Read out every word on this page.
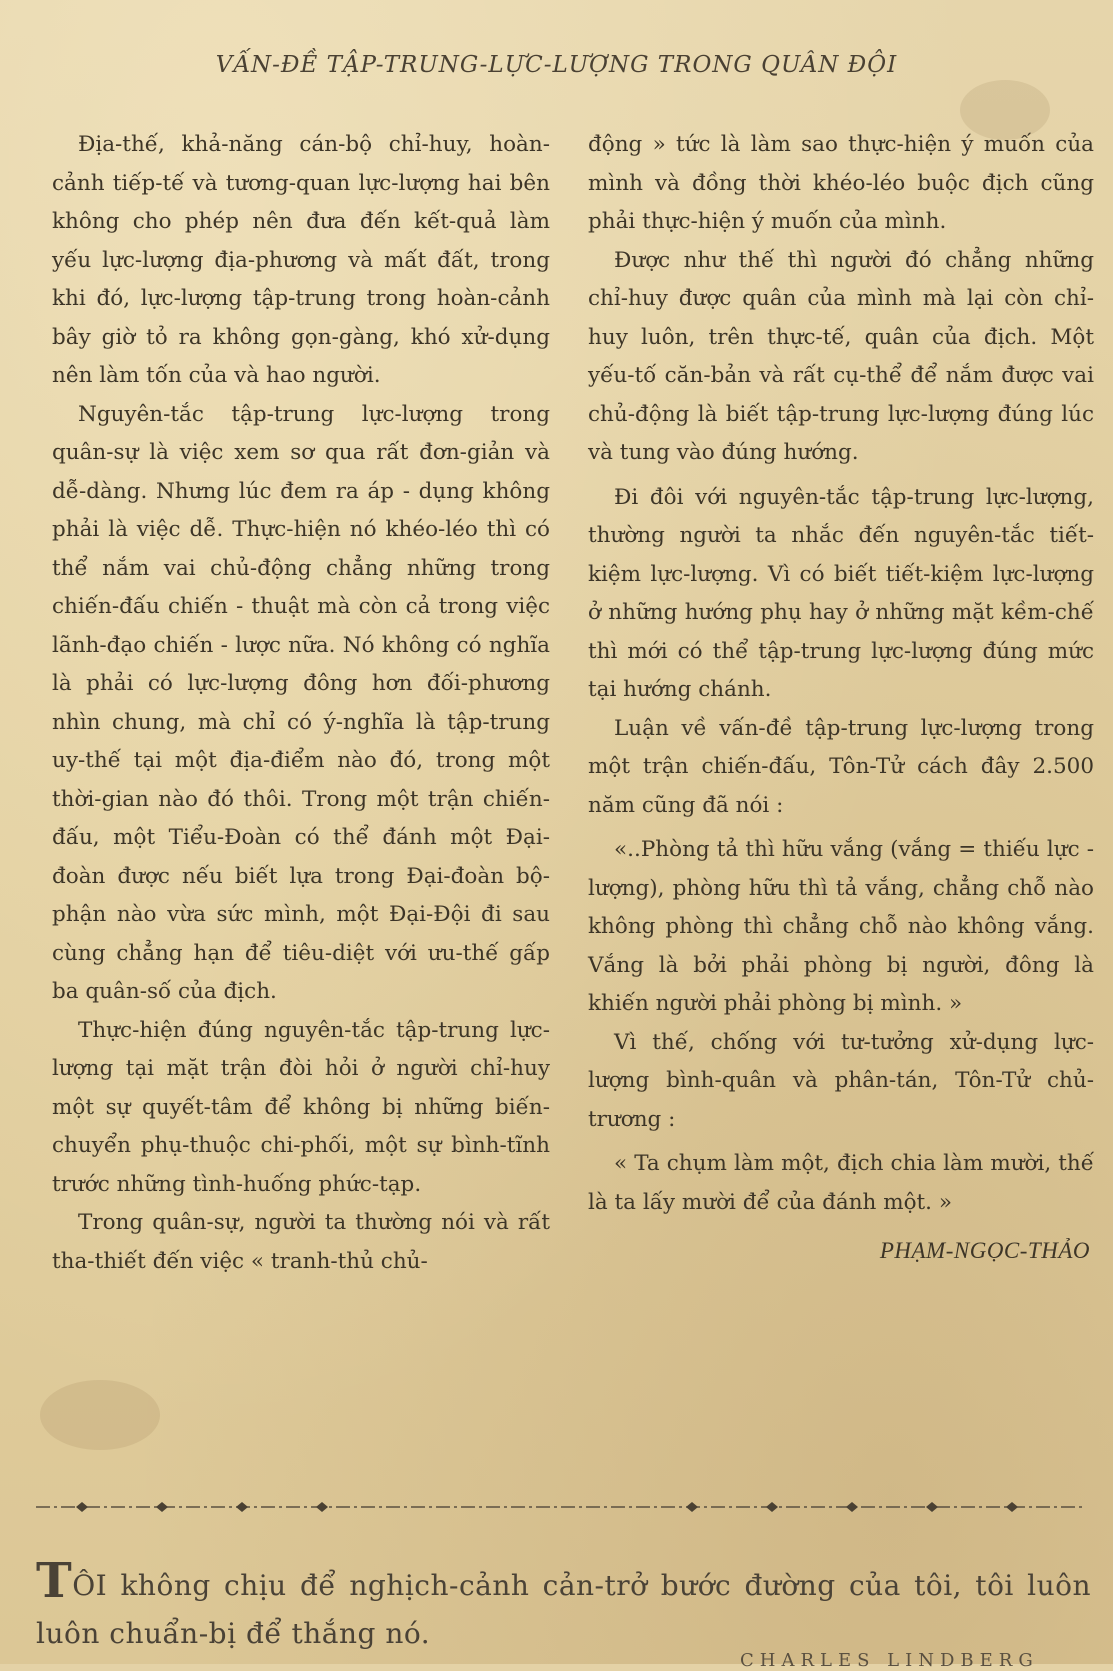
VẤN-ĐỀ TẬP-TRUNG-LỰC-LƯỢNG TRONG QUÂN ĐỘI

Địa-thế, khả-năng cán-bộ chỉ-huy, hoàn-cảnh tiếp-tế và tương-quan lực-lượng hai bên không cho phép nên đưa đến kết-quả làm yếu lực-lượng địa-phương và mất đất, trong khi đó, lực-lượng tập-trung trong hoàn-cảnh bây giờ tỏ ra không gọn-gàng, khó xử-dụng nên làm tốn của và hao người.

Nguyên-tắc tập-trung lực-lượng trong quân-sự là việc xem sơ qua rất đơn-giản và dễ-dàng. Nhưng lúc đem ra áp - dụng không phải là việc dễ. Thực-hiện nó khéo-léo thì có thể nắm vai chủ-động chẳng những trong chiến-đấu chiến - thuật mà còn cả trong việc lãnh-đạo chiến - lược nữa. Nó không có nghĩa là phải có lực-lượng đông hơn đối-phương nhìn chung, mà chỉ có ý-nghĩa là tập-trung uy-thế tại một địa-điểm nào đó, trong một thời-gian nào đó thôi. Trong một trận chiến-đấu, một Tiểu-Đoàn có thể đánh một Đại-đoàn được nếu biết lựa trong Đại-đoàn bộ-phận nào vừa sức mình, một Đại-Đội đi sau cùng chẳng hạn để tiêu-diệt với ưu-thế gấp ba quân-số của địch.

Thực-hiện đúng nguyên-tắc tập-trung lực-lượng tại mặt trận đòi hỏi ở người chỉ-huy một sự quyết-tâm để không bị những biến-chuyển phụ-thuộc chi-phối, một sự bình-tĩnh trước những tình-huống phức-tạp.

Trong quân-sự, người ta thường nói và rất tha-thiết đến việc « tranh-thủ chủ-

động » tức là làm sao thực-hiện ý muốn của mình và đồng thời khéo-léo buộc địch cũng phải thực-hiện ý muốn của mình.

Được như thế thì người đó chẳng những chỉ-huy được quân của mình mà lại còn chỉ-huy luôn, trên thực-tế, quân của địch. Một yếu-tố căn-bản và rất cụ-thể để nắm được vai chủ-động là biết tập-trung lực-lượng đúng lúc và tung vào đúng hướng.

Đi đôi với nguyên-tắc tập-trung lực-lượng, thường người ta nhắc đến nguyên-tắc tiết-kiệm lực-lượng. Vì có biết tiết-kiệm lực-lượng ở những hướng phụ hay ở những mặt kềm-chế thì mới có thể tập-trung lực-lượng đúng mức tại hướng chánh.

Luận về vấn-đề tập-trung lực-lượng trong một trận chiến-đấu, Tôn-Tử cách đây 2.500 năm cũng đã nói :

«..Phòng tả thì hữu vắng (vắng = thiếu lực - lượng), phòng hữu thì tả vắng, chẳng chỗ nào không phòng thì chẳng chỗ nào không vắng. Vắng là bởi phải phòng bị người, đông là khiến người phải phòng bị mình. »

Vì thế, chống với tư-tưởng xử-dụng lực-lượng bình-quân và phân-tán, Tôn-Tử chủ-trương :

« Ta chụm làm một, địch chia làm mười, thế là ta lấy mười để của đánh một. »

PHẠM-NGỌC-THẢO
TÔI không chịu để nghịch-cảnh cản-trở bước đường của tôi, tôi luôn luôn chuẩn-bị để thắng nó.
CHARLES LINDBERG
